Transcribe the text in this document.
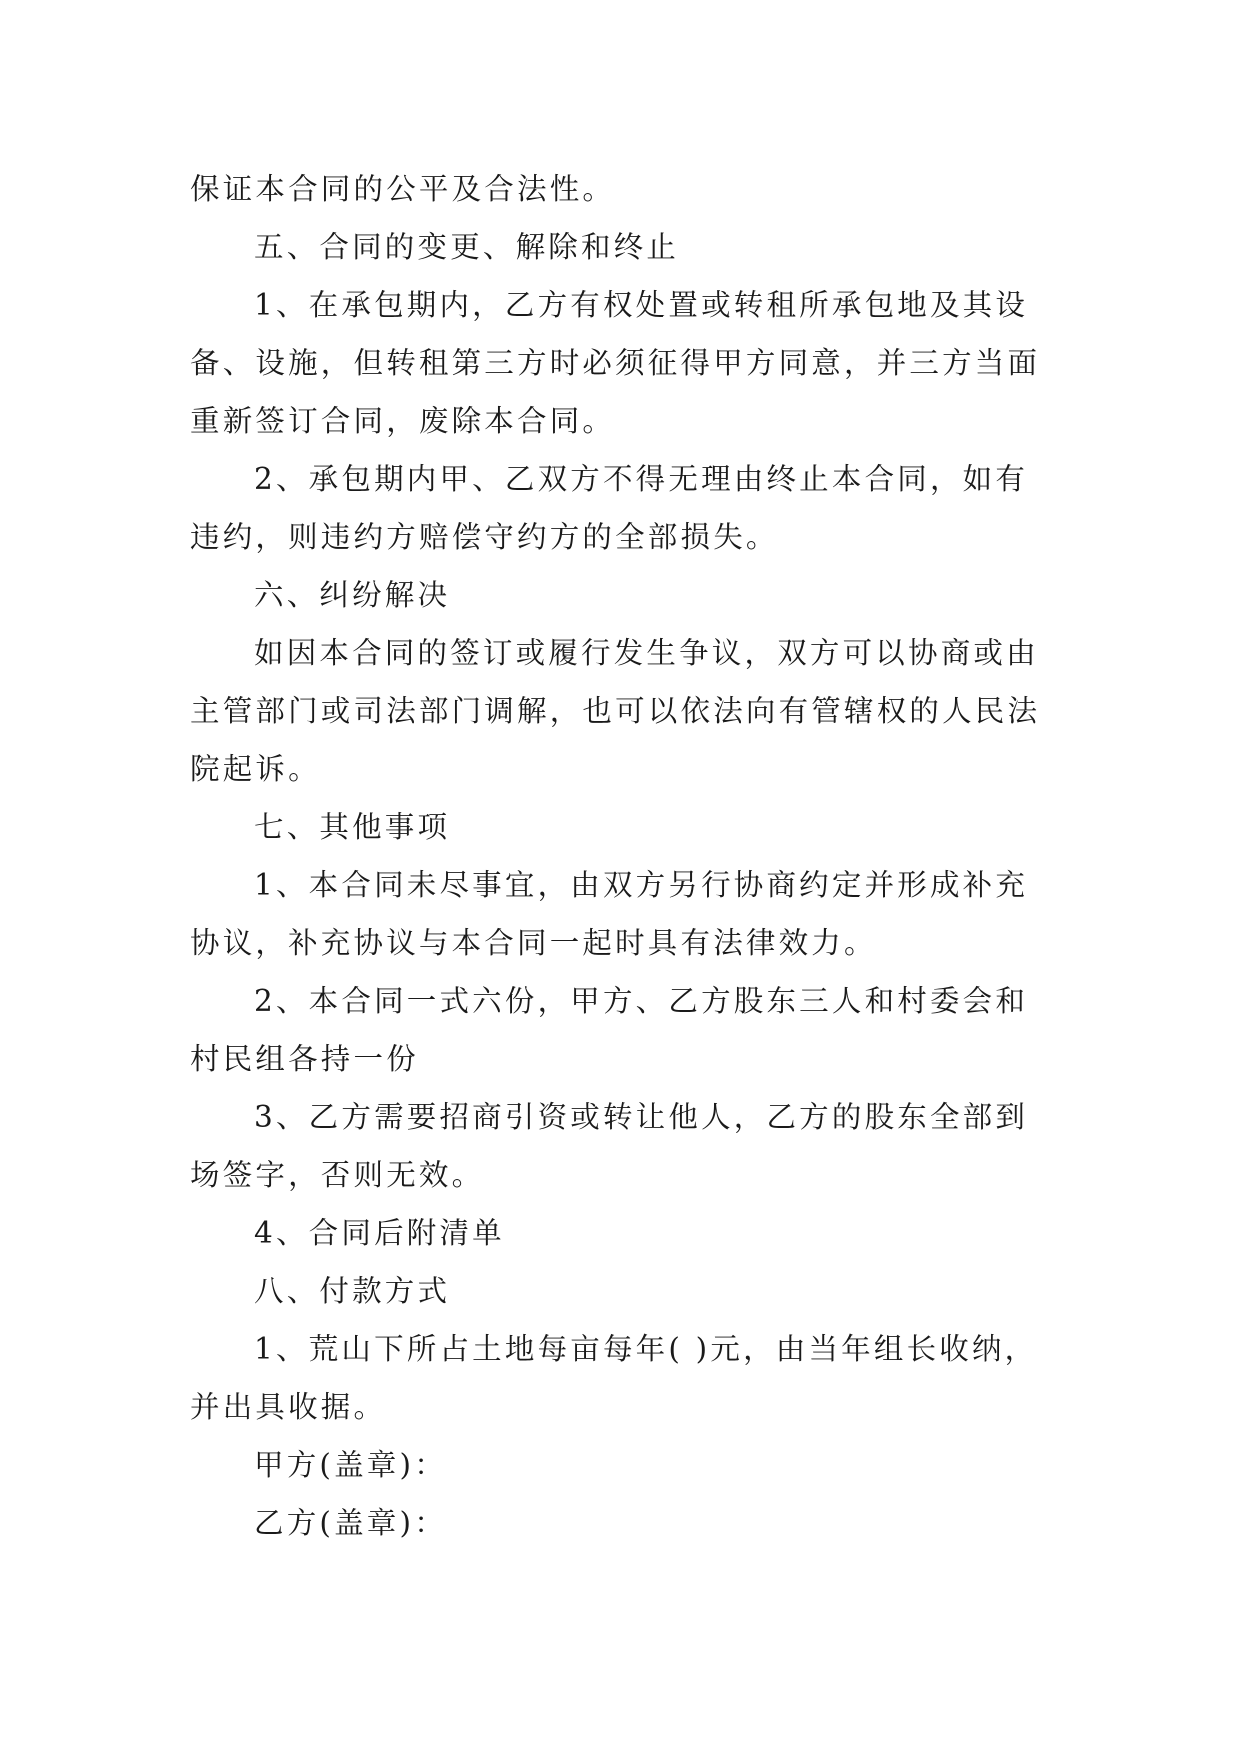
保证本合同的公平及合法性。
五、合同的变更、解除和终止
1、在承包期内，乙方有权处置或转租所承包地及其设
备、设施，但转租第三方时必须征得甲方同意，并三方当面
重新签订合同，废除本合同。
2、承包期内甲、乙双方不得无理由终止本合同，如有
违约，则违约方赔偿守约方的全部损失。
六、纠纷解决
如因本合同的签订或履行发生争议，双方可以协商或由
主管部门或司法部门调解，也可以依法向有管辖权的人民法
院起诉。
七、其他事项
1、本合同未尽事宜，由双方另行协商约定并形成补充
协议，补充协议与本合同一起时具有法律效力。
2、本合同一式六份，甲方、乙方股东三人和村委会和
村民组各持一份
3、乙方需要招商引资或转让他人，乙方的股东全部到
场签字，否则无效。
4、合同后附清单
八、付款方式
1、荒山下所占土地每亩每年( )元，由当年组长收纳，
并出具收据。
甲方(盖章)：
乙方(盖章)：
